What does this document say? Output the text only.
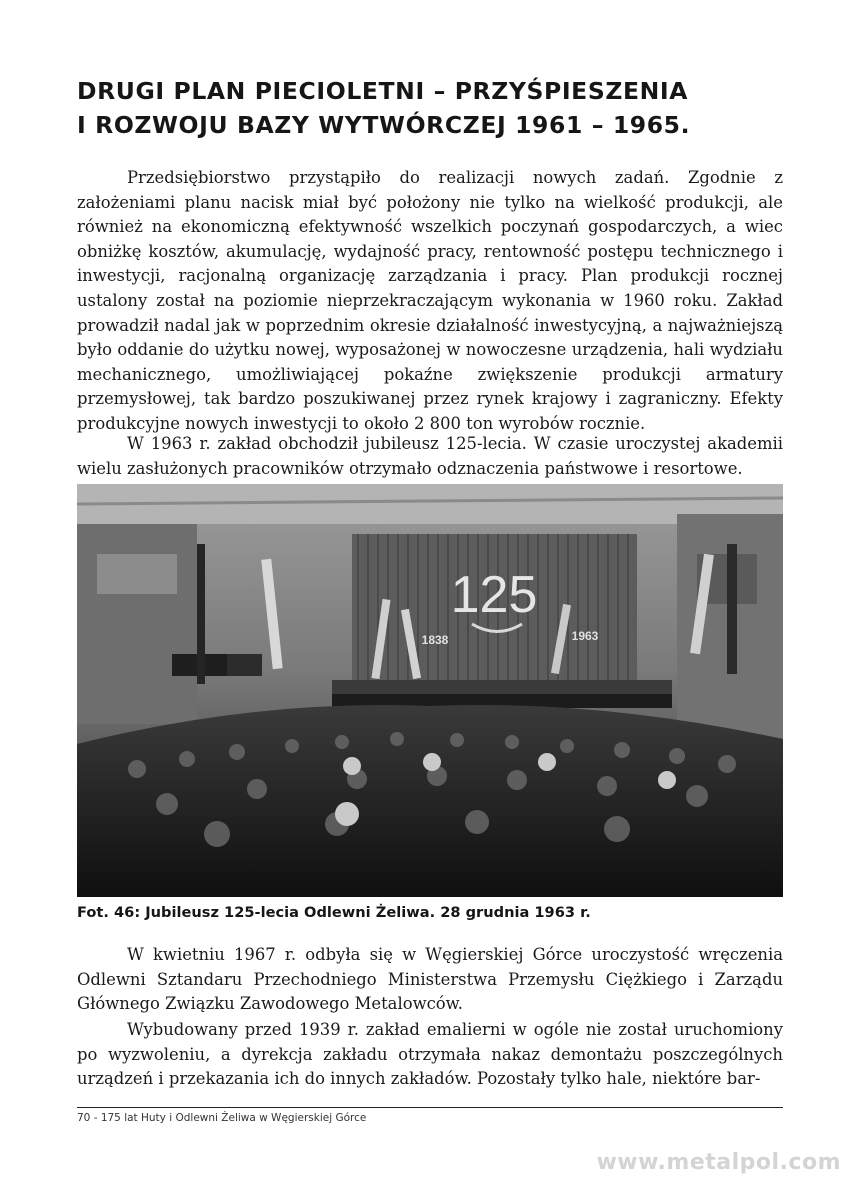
DRUGI PLAN PIECIOLETNI – PRZYŚPIESZENIA
I ROZWOJU BAZY WYTWÓRCZEJ 1961 – 1965.

Przedsiębiorstwo przystąpiło do realizacji nowych zadań. Zgodnie z założeniami planu nacisk miał być położony nie tylko na wielkość produkcji, ale również na ekonomiczną efektywność wszelkich poczynań gospodarczych, a wiec obniżkę kosztów, akumulację, wydajność pracy, rentowność postępu technicznego i inwestycji, racjonalną organizację zarządzania i pracy. Plan produkcji rocznej ustalony został na poziomie nieprzekraczającym wykonania w 1960 roku. Zakład prowadził nadal jak w poprzednim okresie działalność inwestycyjną, a najważniejszą było oddanie do użytku nowej, wyposażonej w nowoczesne urządzenia, hali wydziału mechanicznego, umożliwiającej pokaźne zwiększenie produkcji armatury przemysłowej, tak bardzo poszukiwanej przez rynek krajowy i zagraniczny. Efekty produkcyjne nowych inwestycji to około 2 800 ton wyrobów rocznie.

W 1963 r. zakład obchodził jubileusz 125-lecia. W czasie uroczystej akademii wielu zasłużonych pracowników otrzymało odznaczenia państwowe i resortowe.

125
1838	1963
Fot. 46: Jubileusz 125-lecia Odlewni Żeliwa. 28 grudnia 1963 r.

W kwietniu 1967 r. odbyła się w Węgierskiej Górce uroczystość wręczenia Odlewni Sztandaru Przechodniego Ministerstwa Przemysłu Ciężkiego i Zarządu Głównego Związku Zawodowego Metalowców.

Wybudowany przed 1939 r. zakład emalierni w ogóle nie został uruchomiony po wyzwoleniu, a dyrekcja zakładu otrzymała nakaz demontażu poszczególnych urządzeń i przekazania ich do innych zakładów. Pozostały tylko hale, niektóre bar-

70 - 175 lat Huty i Odlewni Żeliwa w Węgierskiej Górce
www.metalpol.com
